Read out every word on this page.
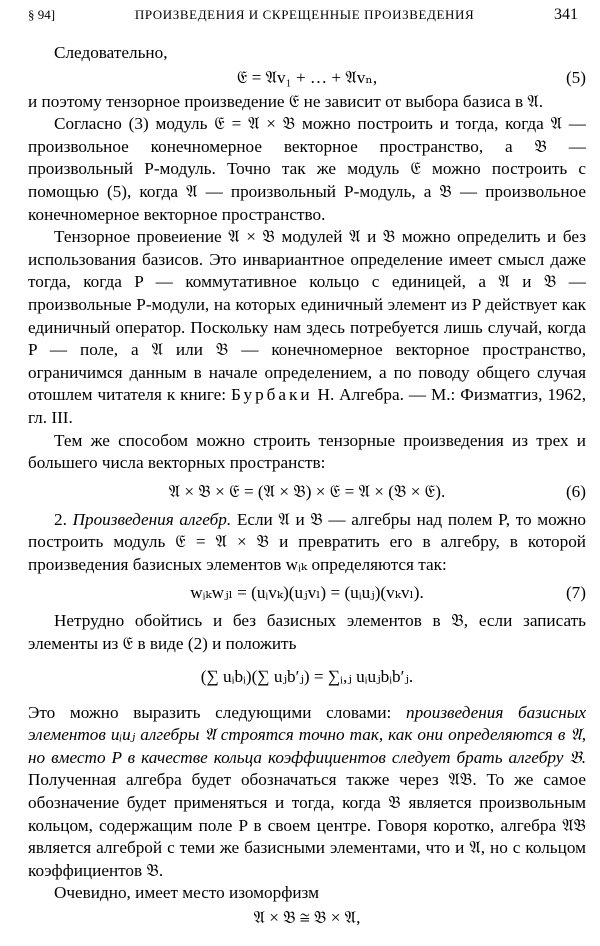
§ 94]	ПРОИЗВЕДЕНИЯ И СКРЕЩЕННЫЕ ПРОИЗВЕДЕНИЯ	341

Следовательно,

𝔈 = 𝔄v₁ + … + 𝔄vₙ,	(5)

и поэтому тензорное произведение 𝔈 не зависит от выбора базиса в 𝔄.

Согласно (3) модуль 𝔈 = 𝔄 × 𝔅 можно построить и тогда, когда 𝔄 — произвольное конечномерное векторное пространство, а 𝔅 — произвольный P-модуль. Точно так же модуль 𝔈 можно построить с помощью (5), когда 𝔄 — произвольный P-модуль, а 𝔅 — произвольное конечномерное векторное пространство.

Тензорное провеиение 𝔄 × 𝔅 модулей 𝔄 и 𝔅 можно определить и без использования базисов. Это инвариантное определение имеет смысл даже тогда, когда P — коммутативное кольцо с единицей, а 𝔄 и 𝔅 — произвольные P-модули, на которых единичный элемент из P действует как единичный оператор. Поскольку нам здесь потребуется лишь случай, когда P — поле, а 𝔄 или 𝔅 — конечномерное векторное пространство, ограничимся данным в начале определением, а по поводу общего случая отошлем читателя к книге: Бурбаки Н. Алгебра. — М.: Физматгиз, 1962, гл. III.

Тем же способом можно строить тензорные произведения из трех и большего числа векторных пространств:

𝔄 × 𝔅 × 𝔈 = (𝔄 × 𝔅) × 𝔈 = 𝔄 × (𝔅 × 𝔈).	(6)

2. Произведения алгебр. Если 𝔄 и 𝔅 — алгебры над полем P, то можно построить модуль 𝔈 = 𝔄 × 𝔅 и превратить его в алгебру, в которой произведения базисных элементов wᵢₖ определяются так:

wᵢₖwⱼₗ = (uᵢvₖ)(uⱼvₗ) = (uᵢuⱼ)(vₖvₗ).	(7)

Нетрудно обойтись и без базисных элементов в 𝔅, если записать элементы из 𝔈 в виде (2) и положить

(∑ uᵢbᵢ)(∑ uⱼb′ⱼ) = ∑ᵢ,ⱼ uᵢuⱼbᵢb′ⱼ.

Это можно выразить следующими словами: произведения базисных элементов uᵢuⱼ алгебры 𝔄 строятся точно так, как они определяются в 𝔄, но вместо P в качестве кольца коэффициентов следует брать алгебру 𝔅. Полученная алгебра будет обозначаться также через 𝔄𝔅. То же самое обозначение будет применяться и тогда, когда 𝔅 является произвольным кольцом, содержащим поле P в своем центре. Говоря коротко, алгебра 𝔄𝔅 является алгеброй с теми же базисными элементами, что и 𝔄, но с кольцом коэффициентов 𝔅.

Очевидно, имеет место изоморфизм

𝔄 × 𝔅 ≅ 𝔅 × 𝔄,
